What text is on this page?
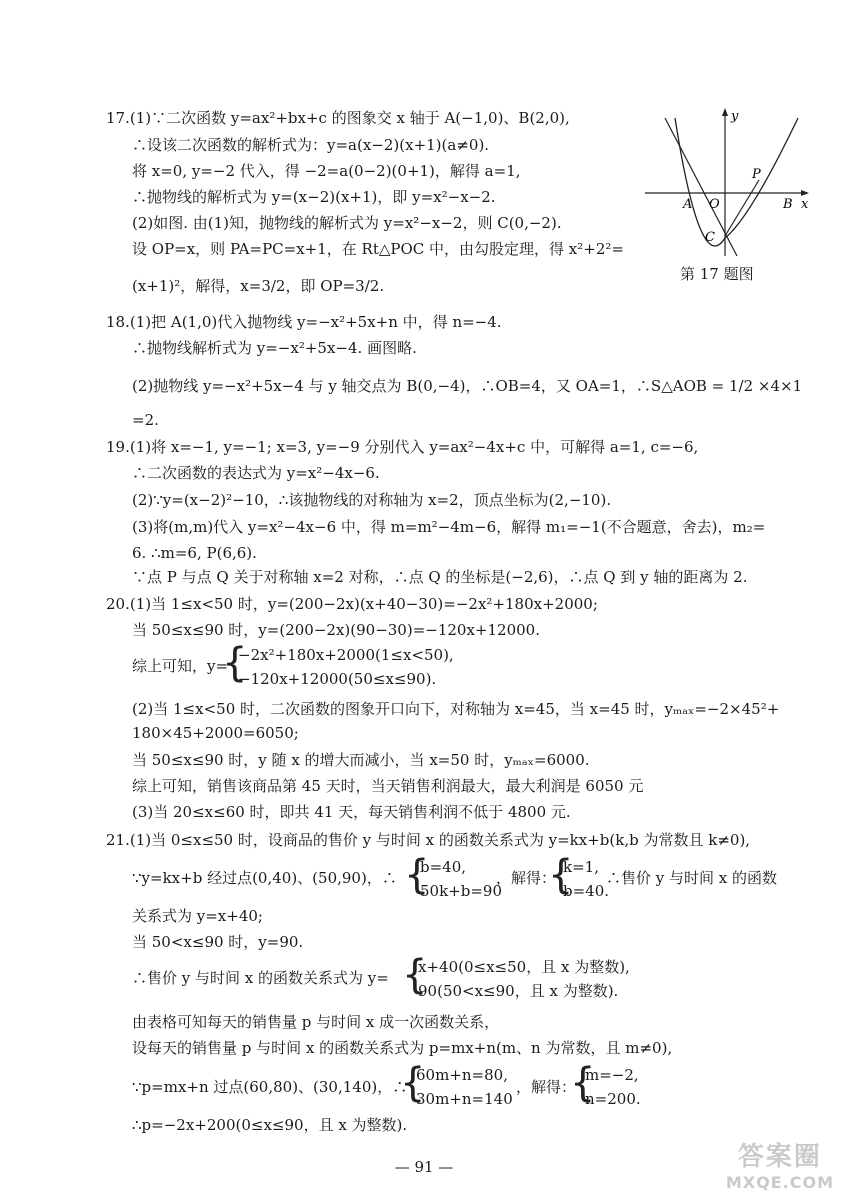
y
x
A O
P
B
C
第 17 题图
17.(1)∵二次函数 y=ax²+bx+c 的图象交 x 轴于 A(−1,0)、B(2,0),
∴设该二次函数的解析式为：y=a(x−2)(x+1)(a≠0).
将 x=0, y=−2 代入，得 −2=a(0−2)(0+1)，解得 a=1,
∴抛物线的解析式为 y=(x−2)(x+1)，即 y=x²−x−2.
(2)如图. 由(1)知，抛物线的解析式为 y=x²−x−2，则 C(0,−2).
设 OP=x，则 PA=PC=x+1，在 Rt△POC 中，由勾股定理，得 x²+2²=
(x+1)²，解得，x=3/2，即 OP=3/2.
18.(1)把 A(1,0)代入抛物线 y=−x²+5x+n 中，得 n=−4.
∴抛物线解析式为 y=−x²+5x−4. 画图略.
(2)抛物线 y=−x²+5x−4 与 y 轴交点为 B(0,−4)，∴OB=4，又 OA=1，∴S△AOB = 1/2 ×4×1
=2.
19.(1)将 x=−1, y=−1; x=3, y=−9 分别代入 y=ax²−4x+c 中，可解得 a=1, c=−6,
∴二次函数的表达式为 y=x²−4x−6.
(2)∵y=(x−2)²−10，∴该抛物线的对称轴为 x=2，顶点坐标为(2,−10).
(3)将(m,m)代入 y=x²−4x−6 中，得 m=m²−4m−6，解得 m₁=−1(不合题意，舍去)，m₂=
6. ∴m=6, P(6,6).
∵点 P 与点 Q 关于对称轴 x=2 对称，∴点 Q 的坐标是(−2,6)，∴点 Q 到 y 轴的距离为 2.
20.(1)当 1≤x<50 时，y=(200−2x)(x+40−30)=−2x²+180x+2000;
当 50≤x≤90 时，y=(200−2x)(90−30)=−120x+12000.
综上可知，y=
{
−2x²+180x+2000(1≤x<50),
−120x+12000(50≤x≤90).
(2)当 1≤x<50 时，二次函数的图象开口向下，对称轴为 x=45，当 x=45 时，yₘₐₓ=−2×45²+
180×45+2000=6050;
当 50≤x≤90 时，y 随 x 的增大而减小，当 x=50 时，yₘₐₓ=6000.
综上可知，销售该商品第 45 天时，当天销售利润最大，最大利润是 6050 元
(3)当 20≤x≤60 时，即共 41 天，每天销售利润不低于 4800 元.
21.(1)当 0≤x≤50 时，设商品的售价 y 与时间 x 的函数关系式为 y=kx+b(k,b 为常数且 k≠0),
∵y=kx+b 经过点(0,40)、(50,90)，∴ {
b=40,
50k+b=90
，解得：
{
k=1,
b=40.
∴售价 y 与时间 x 的函数
关系式为 y=x+40;
当 50<x≤90 时，y=90.
∴售价 y 与时间 x 的函数关系式为 y= {
x+40(0≤x≤50，且 x 为整数),
90(50<x≤90，且 x 为整数).
由表格可知每天的销售量 p 与时间 x 成一次函数关系，
设每天的销售量 p 与时间 x 的函数关系式为 p=mx+n(m、n 为常数，且 m≠0),
∵p=mx+n 过点(60,80)、(30,140)，∴
{
60m+n=80,
30m+n=140
，解得：
{
m=−2,
n=200.
∴p=−2x+200(0≤x≤90，且 x 为整数).
— 91 —	答案圈
MXQE.COM
